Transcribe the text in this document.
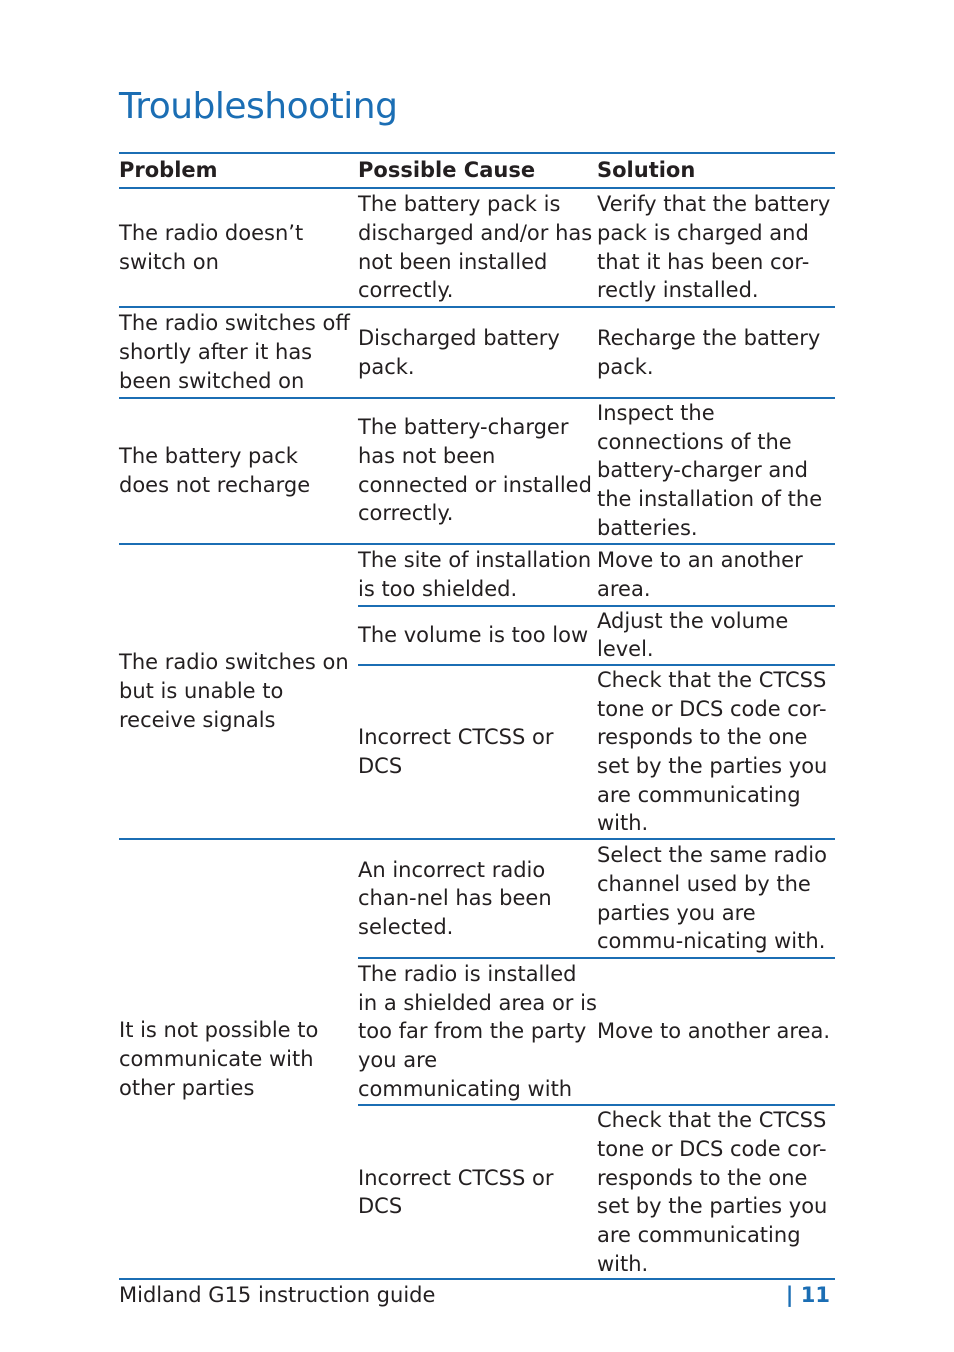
Troubleshooting
Problem	Possible Cause	Solution
The radio doesn’t switch on	The battery pack is discharged and/or has not been installed correctly.	Verify that the battery pack is charged and that it has been cor-rectly installed.
The radio switches off shortly after it has been switched on	Discharged battery pack.	Recharge the battery pack.
The battery pack does not recharge	The battery-charger has not been connected or installed correctly.	Inspect the connections of the battery-charger and the installation of the batteries.
The radio switches on but is unable to receive signals	The site of installation is too shielded.	Move to an another area.
	The volume is too low	Adjust the volume level.
	Incorrect CTCSS or DCS	Check that the CTCSS tone or DCS code cor-responds to the one set by the parties you are communicating with.
It is not possible to communicate with other parties	An incorrect radio chan-nel has been selected.	Select the same radio channel used by the parties you are commu-nicating with.
	The radio is installed in a shielded area or is too far from the party you are communicating with	Move to another area.
	Incorrect CTCSS or DCS	Check that the CTCSS tone or DCS code cor-responds to the one set by the parties you are communicating with.
Midland G15 instruction guide	| 11
